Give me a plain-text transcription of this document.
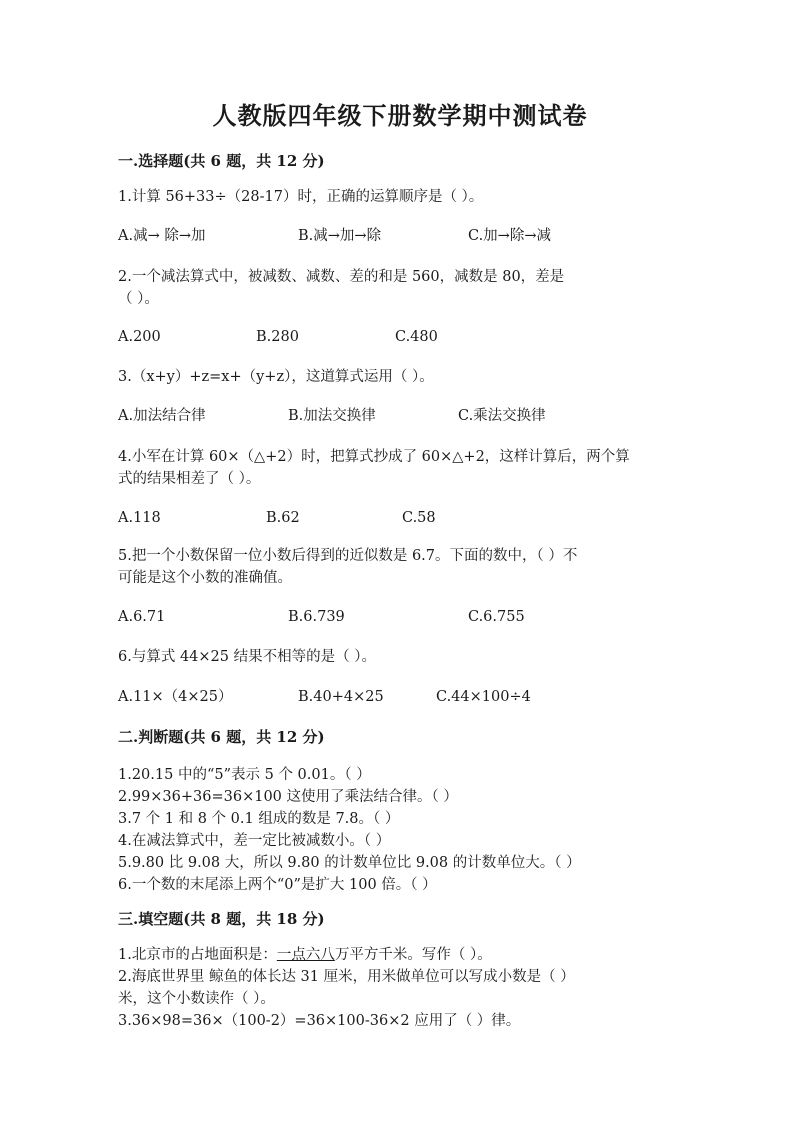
人教版四年级下册数学期中测试卷
一.选择题(共 6 题，共 12 分)
1.计算 56+33÷（28-17）时，正确的运算顺序是（ ）。
A.减→ 除→加	B.减→加→除	C.加→除→减
2.一个减法算式中，被减数、减数、差的和是 560，减数是 80，差是
（ ）。
A.200	B.280	C.480
3.（x+y）+z=x+（y+z），这道算式运用（ ）。
A.加法结合律	B.加法交换律	C.乘法交换律
4.小军在计算 60×（△+2）时，把算式抄成了 60×△+2，这样计算后，两个算
式的结果相差了（ ）。
A.118	B.62	C.58
5.把一个小数保留一位小数后得到的近似数是 6.7。下面的数中，（ ）不
可能是这个小数的准确值。
A.6.71	B.6.739	C.6.755
6.与算式 44×25 结果不相等的是（ ）。
A.11×（4×25）	B.40+4×25	C.44×100÷4
二.判断题(共 6 题，共 12 分)
1.20.15 中的“5”表示 5 个 0.01。（ ）
2.99×36+36=36×100 这使用了乘法结合律。（ ）
3.7 个 1 和 8 个 0.1 组成的数是 7.8。（ ）
4.在减法算式中，差一定比被减数小。（ ）
5.9.80 比 9.08 大，所以 9.80 的计数单位比 9.08 的计数单位大。（ ）
6.一个数的末尾添上两个“0”是扩大 100 倍。（ ）
三.填空题(共 8 题，共 18 分)
1.北京市的占地面积是：一点六八万平方千米。写作（ ）。
2.海底世界里 鲸鱼的体长达 31 厘米，用米做单位可以写成小数是（ ）
米，这个小数读作（ ）。
3.36×98=36×（100-2）=36×100-36×2 应用了（ ）律。
